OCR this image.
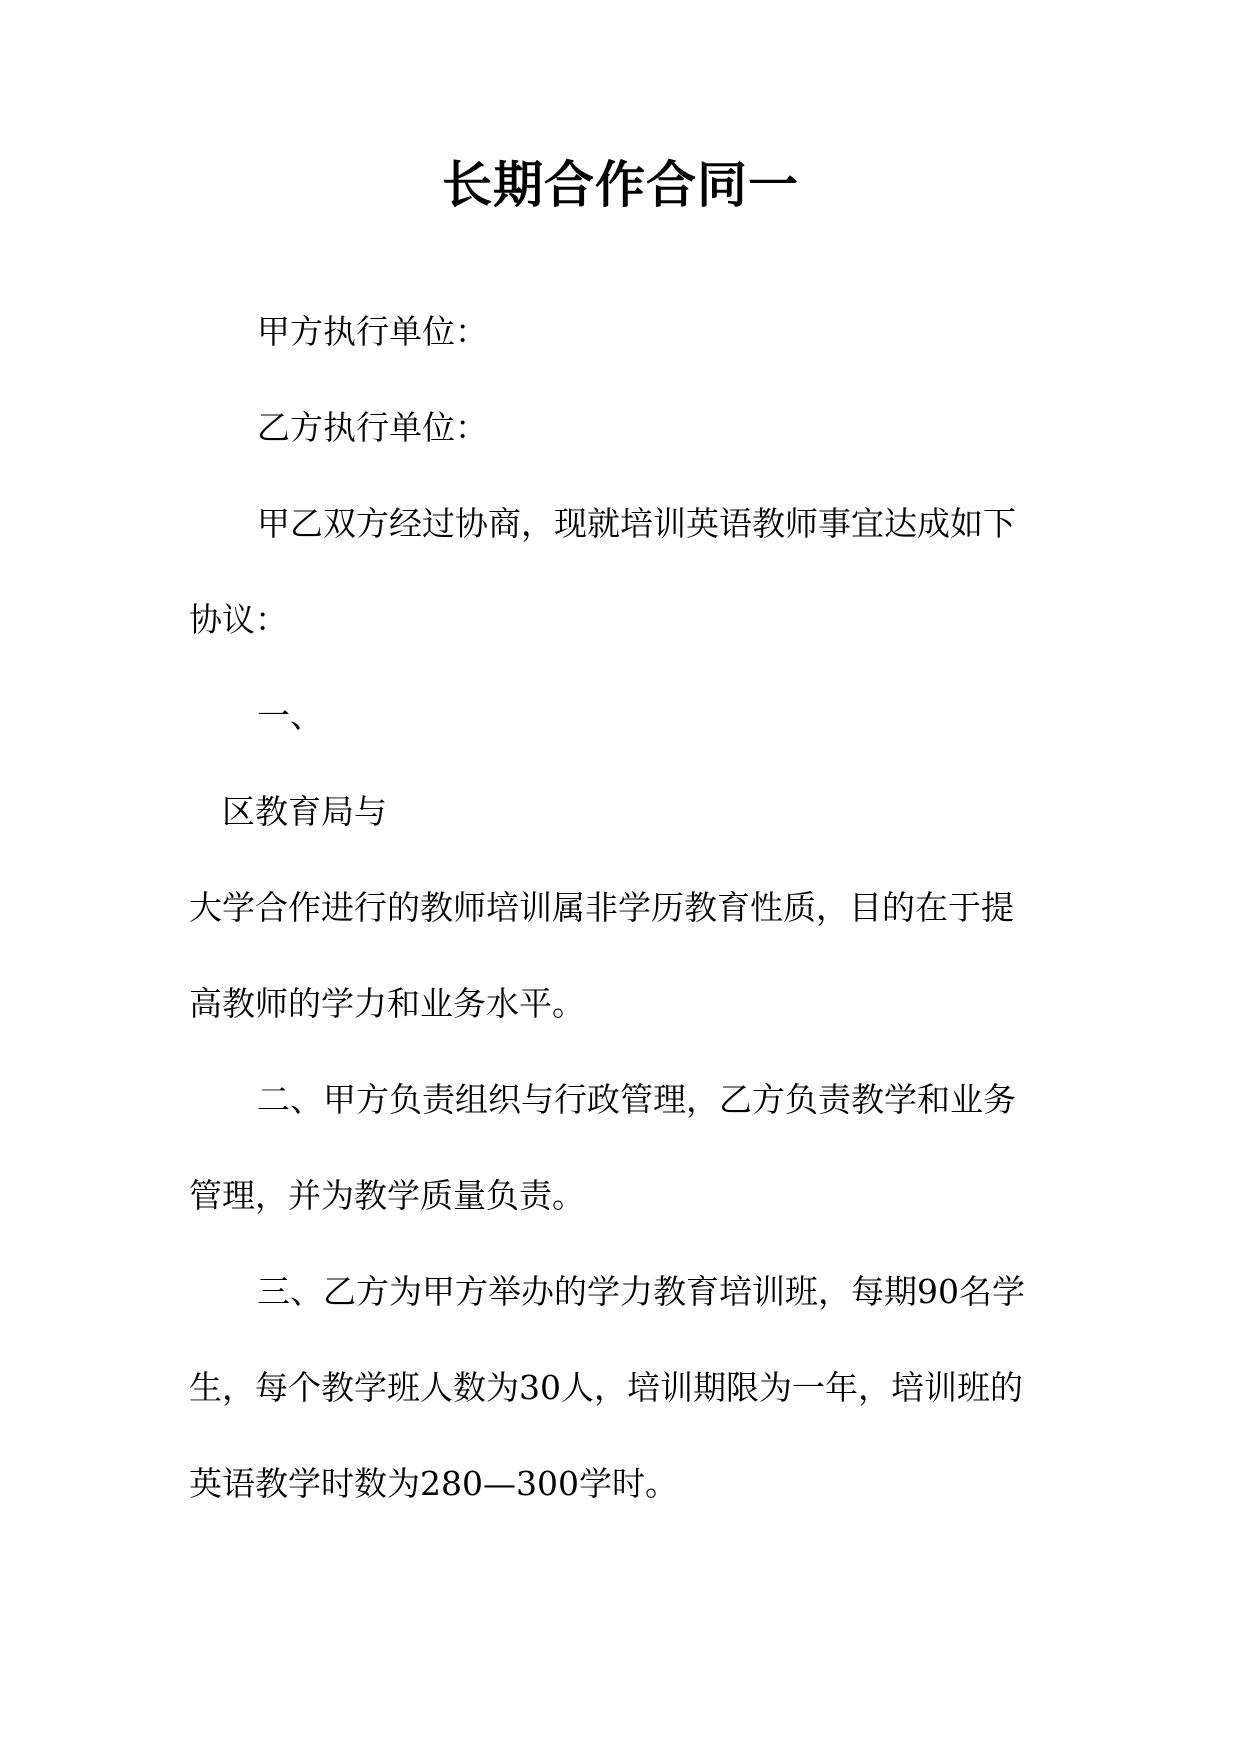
长期合作合同一

甲方执行单位：

乙方执行单位：

甲乙双方经过协商，现就培训英语教师事宜达成如下

协议：

一、

区教育局与

大学合作进行的教师培训属非学历教育性质，目的在于提

高教师的学力和业务水平。

二、甲方负责组织与行政管理，乙方负责教学和业务

管理，并为教学质量负责。

三、乙方为甲方举办的学力教育培训班，每期90名学

生，每个教学班人数为30人，培训期限为一年，培训班的

英语教学时数为280—300学时。
